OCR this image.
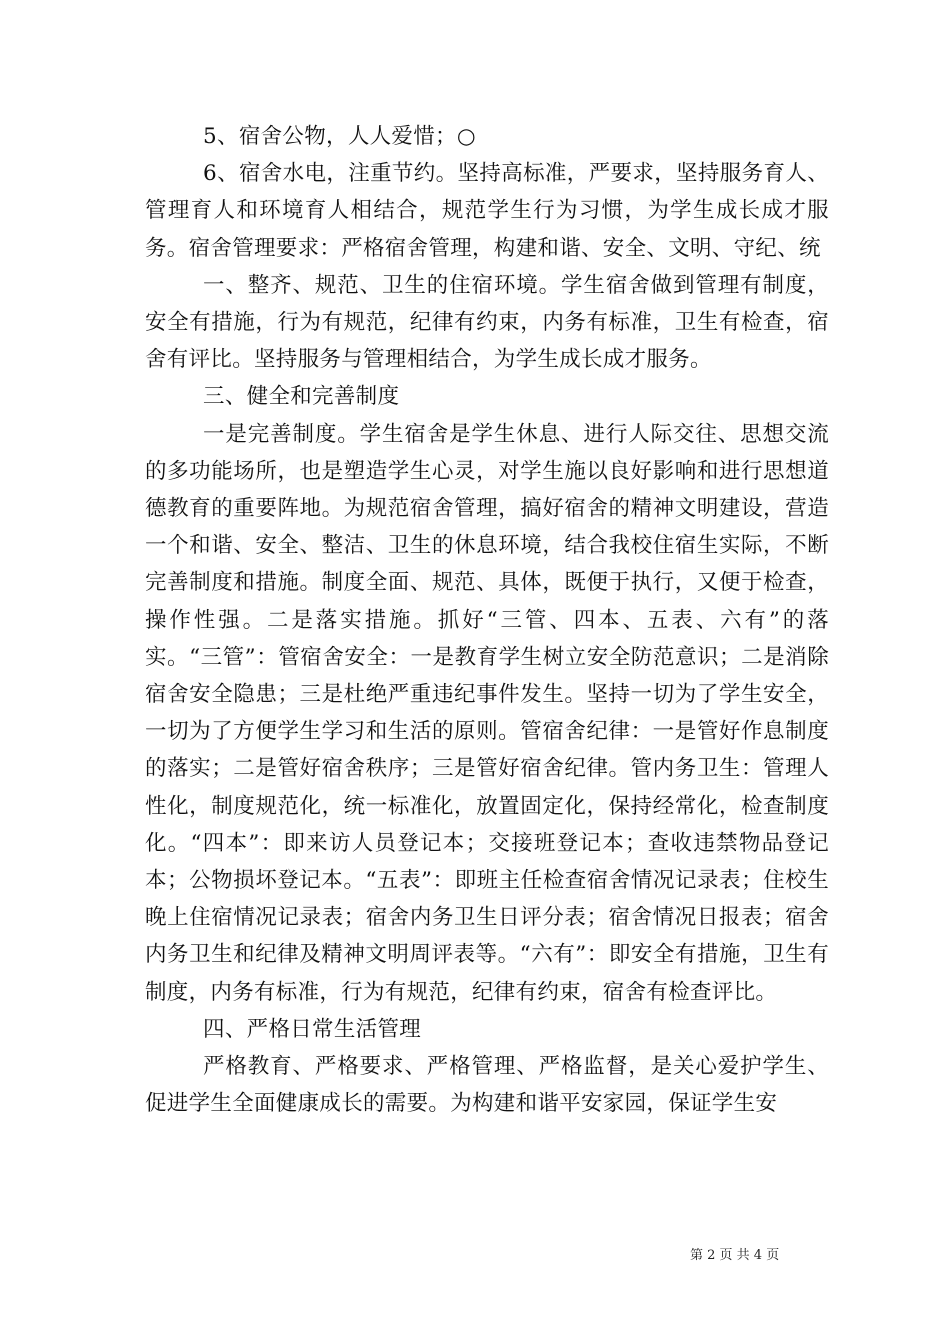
5、宿舍公物，人人爱惜；○

6、宿舍水电，注重节约。坚持高标准，严要求，坚持服务育人、管理育人和环境育人相结合，规范学生行为习惯，为学生成长成才服务。宿舍管理要求：严格宿舍管理，构建和谐、安全、文明、守纪、统

一、整齐、规范、卫生的住宿环境。学生宿舍做到管理有制度，安全有措施，行为有规范，纪律有约束，内务有标准，卫生有检查，宿舍有评比。坚持服务与管理相结合，为学生成长成才服务。

三、健全和完善制度

一是完善制度。学生宿舍是学生休息、进行人际交往、思想交流的多功能场所，也是塑造学生心灵，对学生施以良好影响和进行思想道德教育的重要阵地。为规范宿舍管理，搞好宿舍的精神文明建设，营造一个和谐、安全、整洁、卫生的休息环境，结合我校住宿生实际，不断完善制度和措施。制度全面、规范、具体，既便于执行，又便于检查，操作性强。二是落实措施。抓好“三管、四本、五表、六有”的落实。“三管”：管宿舍安全：一是教育学生树立安全防范意识；二是消除宿舍安全隐患；三是杜绝严重违纪事件发生。坚持一切为了学生安全，一切为了方便学生学习和生活的原则。管宿舍纪律：一是管好作息制度的落实；二是管好宿舍秩序；三是管好宿舍纪律。管内务卫生：管理人性化，制度规范化，统一标准化，放置固定化，保持经常化，检查制度化。“四本”：即来访人员登记本；交接班登记本；查收违禁物品登记本；公物损坏登记本。“五表”：即班主任检查宿舍情况记录表；住校生晚上住宿情况记录表；宿舍内务卫生日评分表；宿舍情况日报表；宿舍内务卫生和纪律及精神文明周评表等。“六有”：即安全有措施，卫生有制度，内务有标准，行为有规范，纪律有约束，宿舍有检查评比。

四、严格日常生活管理

严格教育、严格要求、严格管理、严格监督，是关心爱护学生、促进学生全面健康成长的需要。为构建和谐平安家园，保证学生安

第 2 页 共 4 页
